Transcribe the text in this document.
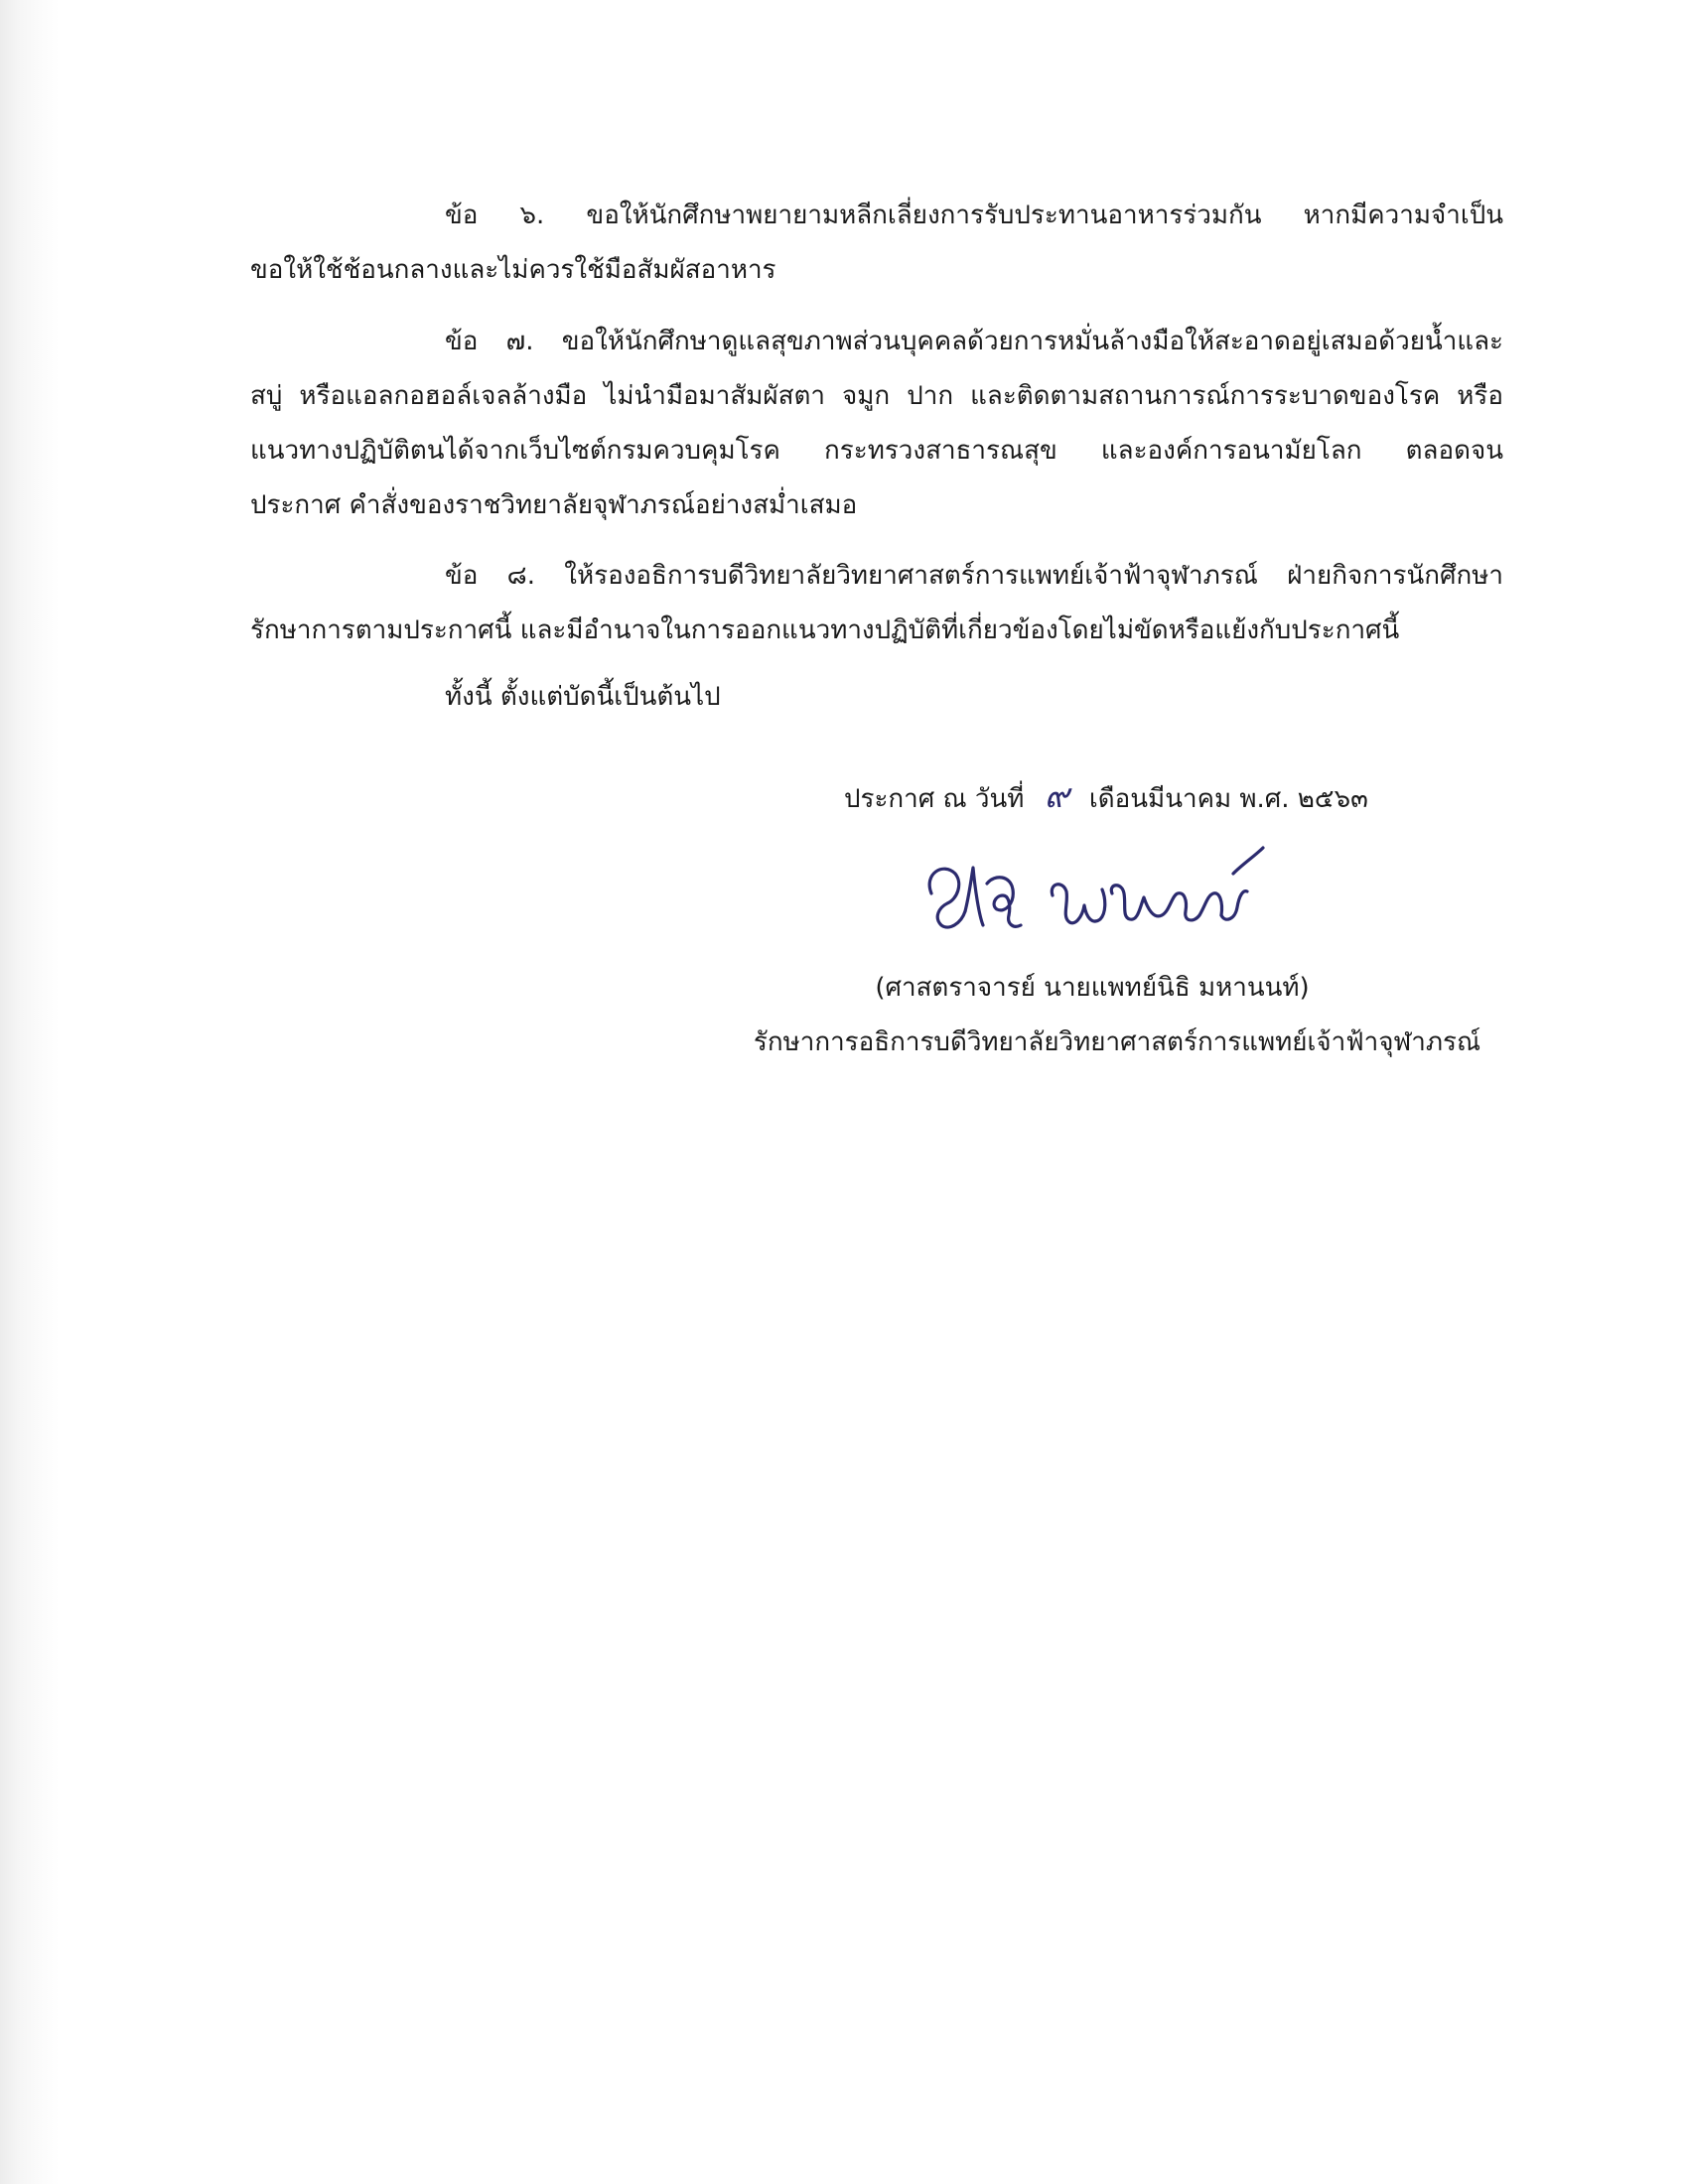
ข้อ ๖. ขอให้นักศึกษาพยายามหลีกเลี่ยงการรับประทานอาหารร่วมกัน หากมีความจำเป็น
ขอให้ใช้ช้อนกลางและไม่ควรใช้มือสัมผัสอาหาร
ข้อ ๗. ขอให้นักศึกษาดูแลสุขภาพส่วนบุคคลด้วยการหมั่นล้างมือให้สะอาดอยู่เสมอด้วยน้ำและ
สบู่ หรือแอลกอฮอล์เจลล้างมือ ไม่นำมือมาสัมผัสตา จมูก ปาก และติดตามสถานการณ์การระบาดของโรค หรือ
แนวทางปฏิบัติตนได้จากเว็บไซต์กรมควบคุมโรค กระทรวงสาธารณสุข และองค์การอนามัยโลก ตลอดจน
ประกาศ คำสั่งของราชวิทยาลัยจุฬาภรณ์อย่างสม่ำเสมอ
ข้อ ๘. ให้รองอธิการบดีวิทยาลัยวิทยาศาสตร์การแพทย์เจ้าฟ้าจุฬาภรณ์ ฝ่ายกิจการนักศึกษา
รักษาการตามประกาศนี้ และมีอำนาจในการออกแนวทางปฏิบัติที่เกี่ยวข้องโดยไม่ขัดหรือแย้งกับประกาศนี้
ทั้งนี้ ตั้งแต่บัดนี้เป็นต้นไป
ประกาศ ณ วันที่ ๙ เดือนมีนาคม พ.ศ. ๒๕๖๓
(ศาสตราจารย์ นายแพทย์นิธิ มหานนท์)
รักษาการอธิการบดีวิทยาลัยวิทยาศาสตร์การแพทย์เจ้าฟ้าจุฬาภรณ์
